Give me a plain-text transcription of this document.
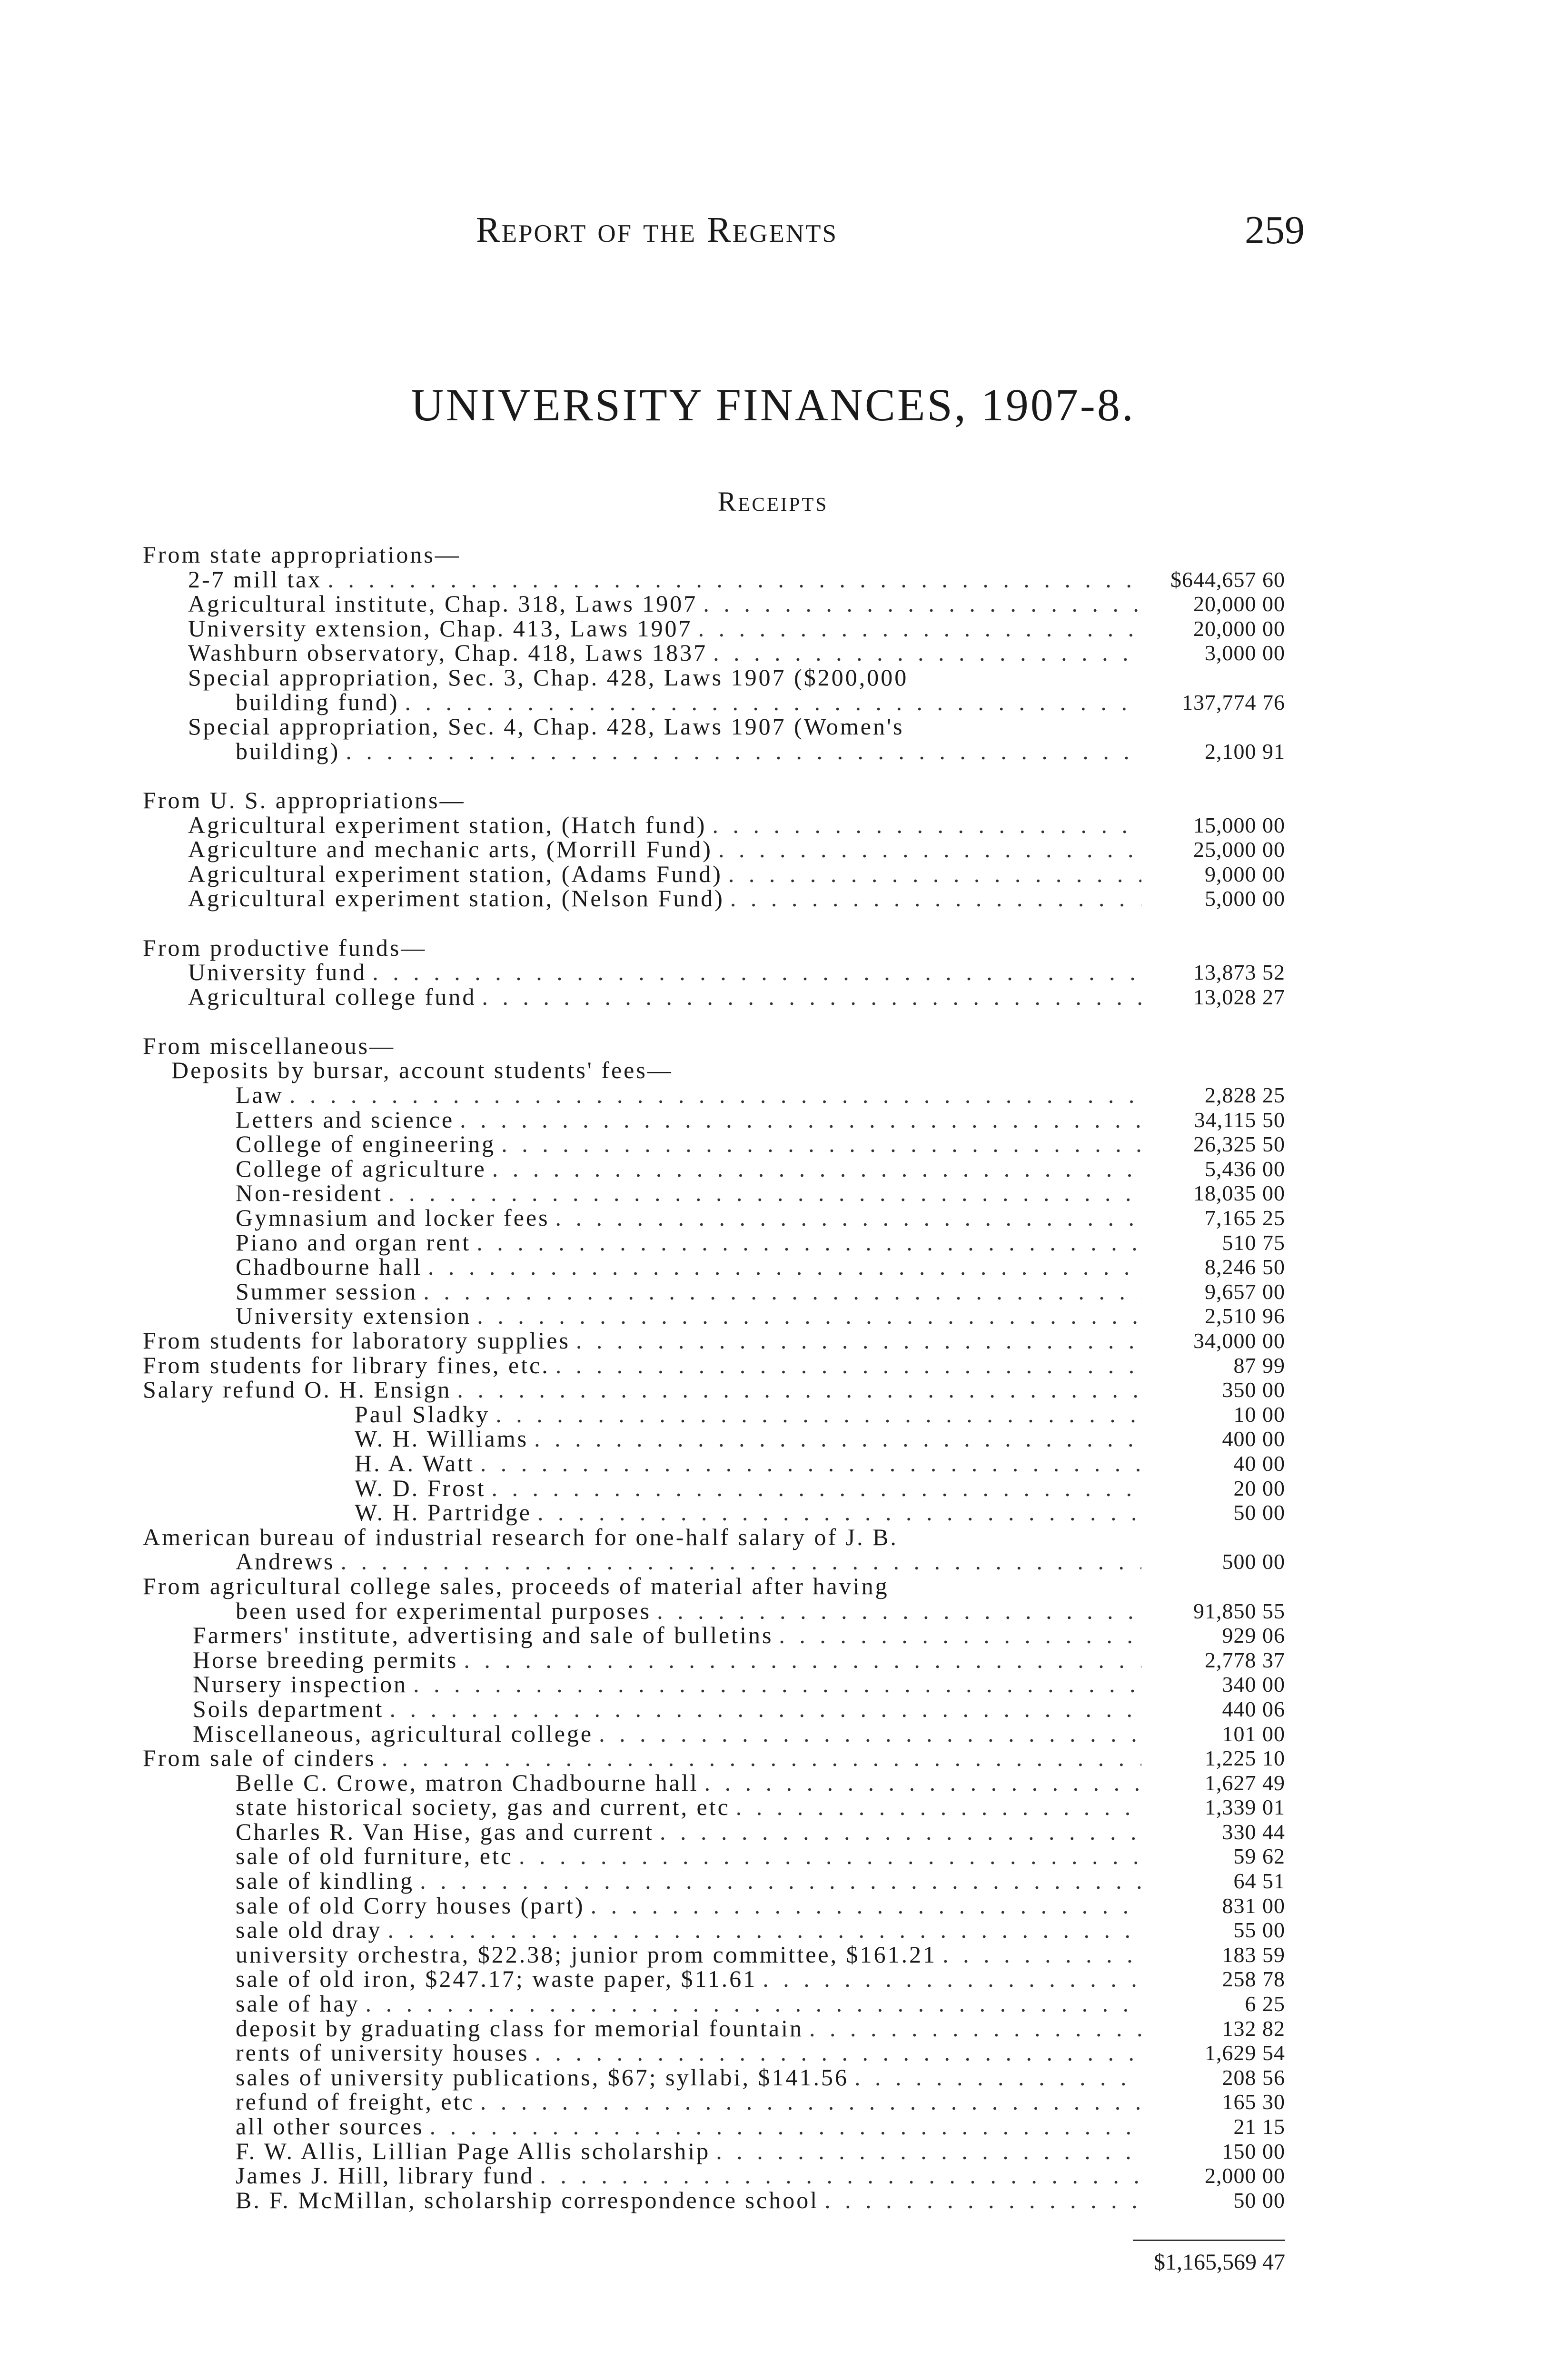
Report of the Regents	259
UNIVERSITY FINANCES, 1907-8.
Receipts
From state appropriations—
2-7 mill tax . . .	$644,657 60
Agricultural institute, Chap. 318, Laws 1907 . . .	20,000 00
University extension, Chap. 413, Laws 1907 . . .	20,000 00
Washburn observatory, Chap. 418, Laws 1837 . . .	3,000 00
Special appropriation, Sec. 3, Chap. 428, Laws 1907 ($200,000
building fund) . . .	137,774 76
Special appropriation, Sec. 4, Chap. 428, Laws 1907 (Women's
building) . . .	2,100 91
From U. S. appropriations—
Agricultural experiment station, (Hatch fund) . . .	15,000 00
Agriculture and mechanic arts, (Morrill Fund) . . .	25,000 00
Agricultural experiment station, (Adams Fund) . . .	9,000 00
Agricultural experiment station, (Nelson Fund) . . .	5,000 00
From productive funds—
University fund . . .	13,873 52
Agricultural college fund . . .	13,028 27
From miscellaneous—
Deposits by bursar, account students' fees—
Law . . .	2,828 25
Letters and science . . .	34,115 50
College of engineering . . .	26,325 50
College of agriculture . . .	5,436 00
Non-resident . . .	18,035 00
Gymnasium and locker fees . . .	7,165 25
Piano and organ rent . . .	510 75
Chadbourne hall . . .	8,246 50
Summer session . . .	9,657 00
University extension . . .	2,510 96
From students for laboratory supplies . . .	34,000 00
From students for library fines, etc. . . .	87 99
Salary refund O. H. Ensign . . .	350 00
Paul Sladky . . .	10 00
W. H. Williams . . .	400 00
H. A. Watt . . .	40 00
W. D. Frost . . .	20 00
W. H. Partridge . . .	50 00
American bureau of industrial research for one-half salary of J. B.
Andrews . . .	500 00
From agricultural college sales, proceeds of material after having
been used for experimental purposes . . .	91,850 55
Farmers' institute, advertising and sale of bulletins . . .	929 06
Horse breeding permits . . .	2,778 37
Nursery inspection . . .	340 00
Soils department . . .	440 06
Miscellaneous, agricultural college . . .	101 00
From sale of cinders . . .	1,225 10
Belle C. Crowe, matron Chadbourne hall . . .	1,627 49
state historical society, gas and current, etc . . .	1,339 01
Charles R. Van Hise, gas and current . . .	330 44
sale of old furniture, etc . . .	59 62
sale of kindling . . .	64 51
sale of old Corry houses (part) . . .	831 00
sale old dray . . .	55 00
university orchestra, $22.38; junior prom committee, $161.21 . . .	183 59
sale of old iron, $247.17; waste paper, $11.61 . . .	258 78
sale of hay . . .	6 25
deposit by graduating class for memorial fountain . . .	132 82
rents of university houses . . .	1,629 54
sales of university publications, $67; syllabi, $141.56 . . .	208 56
refund of freight, etc . . .	165 30
all other sources . . .	21 15
F. W. Allis, Lillian Page Allis scholarship . . .	150 00
James J. Hill, library fund . . .	2,000 00
B. F. McMillan, scholarship correspondence school . . .	50 00
$1,165,569 47
